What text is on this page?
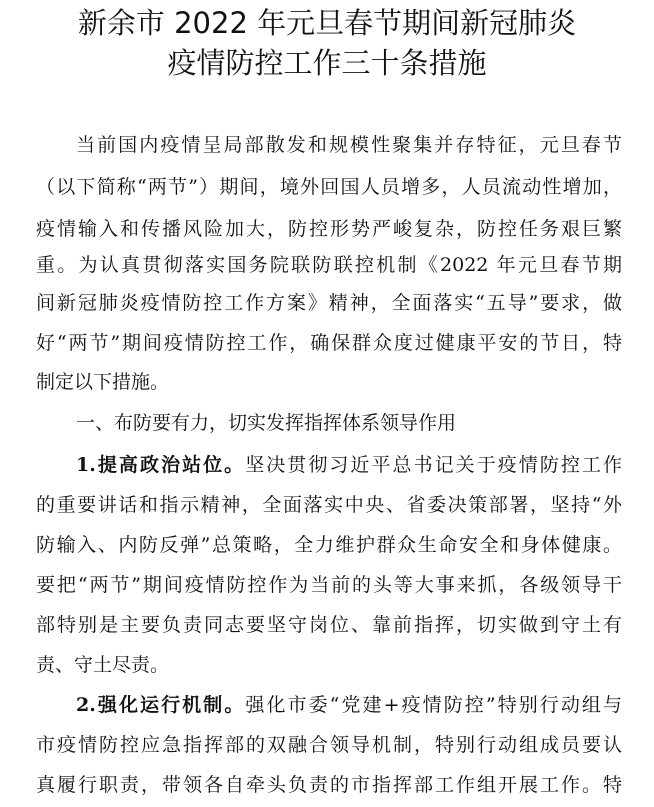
新余市 2022 年元旦春节期间新冠肺炎
疫情防控工作三十条措施
当前国内疫情呈局部散发和规模性聚集并存特征，元旦春节
（以下简称“两节”）期间，境外回国人员增多，人员流动性增加，
疫情输入和传播风险加大，防控形势严峻复杂，防控任务艰巨繁
重。为认真贯彻落实国务院联防联控机制《2022 年元旦春节期
间新冠肺炎疫情防控工作方案》精神，全面落实“五导”要求，做
好“两节”期间疫情防控工作，确保群众度过健康平安的节日，特
制定以下措施。
一、布防要有力，切实发挥指挥体系领导作用
1.提高政治站位。坚决贯彻习近平总书记关于疫情防控工作
的重要讲话和指示精神，全面落实中央、省委决策部署，坚持“外
防输入、内防反弹”总策略，全力维护群众生命安全和身体健康。
要把“两节”期间疫情防控作为当前的头等大事来抓，各级领导干
部特别是主要负责同志要坚守岗位、靠前指挥，切实做到守土有
责、守土尽责。
2.强化运行机制。强化市委“党建+疫情防控”特别行动组与
市疫情防控应急指挥部的双融合领导机制，特别行动组成员要认
真履行职责，带领各自牵头负责的市指挥部工作组开展工作。特
